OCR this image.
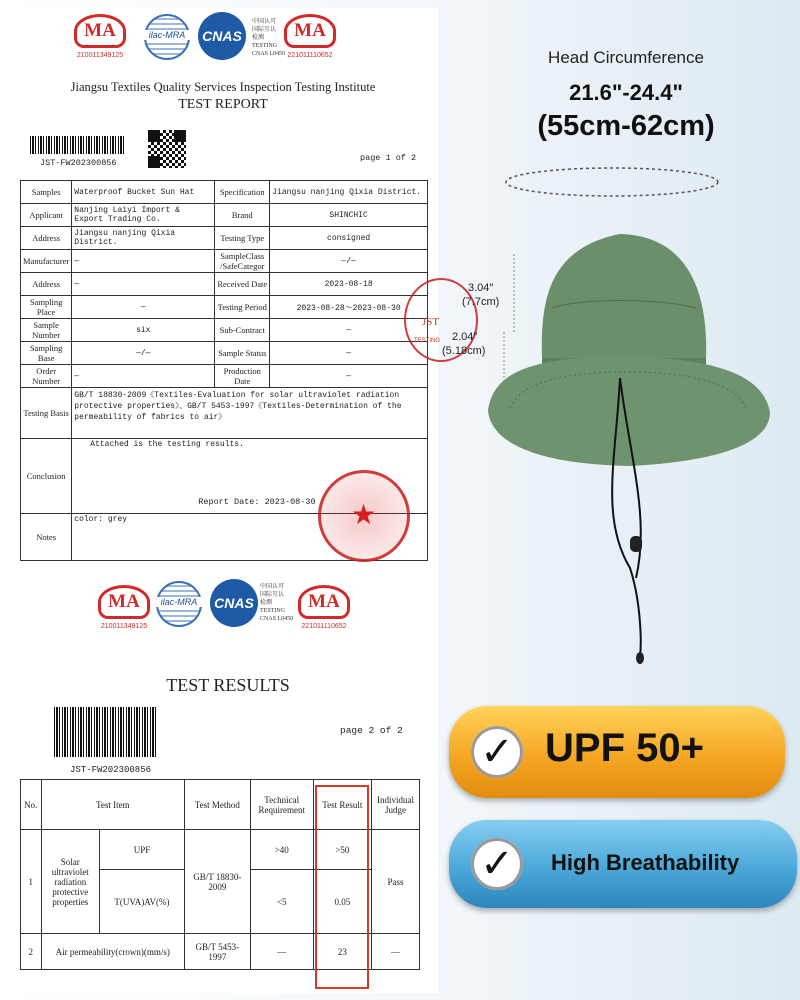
MA
210011349125
ilac-MRA	CNAS
中国认可
国际互认
检测
TESTING
CNAS L0450
MA
221011110652
Jiangsu Textiles Quality Services Inspection Testing Institute
TEST REPORT
JST-FW202300856	page 1 of 2
Samples	Waterproof Bucket Sun Hat	Specification	Jiangsu nanjing Qixia District.
Applicant	Nanjing Laiyi Import & Export Trading Co.	Brand	SHINCHIC
Address	Jiangsu nanjing Qixia District.	Testing Type	consigned
Manufacturer	—	SampleClass /SafeCategor	—/—
Address	—	Received Date	2023-08-18
Sampling Place	—	Testing Period	2023-08-28～2023-08-30
Sample Number	six	Sub-Contract	—
Sampling Base	—/—	Sample Status	—
Order Number	—	Production Date	—
Testing Basis	GB/T 18830-2009《Textiles-Evaluation for solar ultraviolet radiation protective properties》、GB/T 5453-1997《Textiles-Determination of the permeability of fabrics to air》		
Conclusion	Attached is the testing results.
Report Date: 2023-08-30		

Notes	color: grey			★
JST
TESTING
MA
210011349125
ilac-MRA	CNAS
中国认可
国际互认
检测
TESTING
CNAS L0450
MA
221011110652
TEST RESULTS
JST-FW202300856
page 2 of 2
No.	Test Item		Test Method	Technical Requirement	Test Result	Individual Judge
1	Solar ultraviolet radiation protective properties	UPF	GB/T 18830-2009	>40	>50	Pass
		T(UVA)AV(%)		<5	0.05	
2	Air permeability(crown)(mm/s)		GB/T 5453-1997	—	23	—
Head Circumference
21.6"-24.4"
(55cm-62cm)
3.04″
(7.7cm)
2.04″
(5.18cm)
✓ UPF 50+
✓	High Breathability
